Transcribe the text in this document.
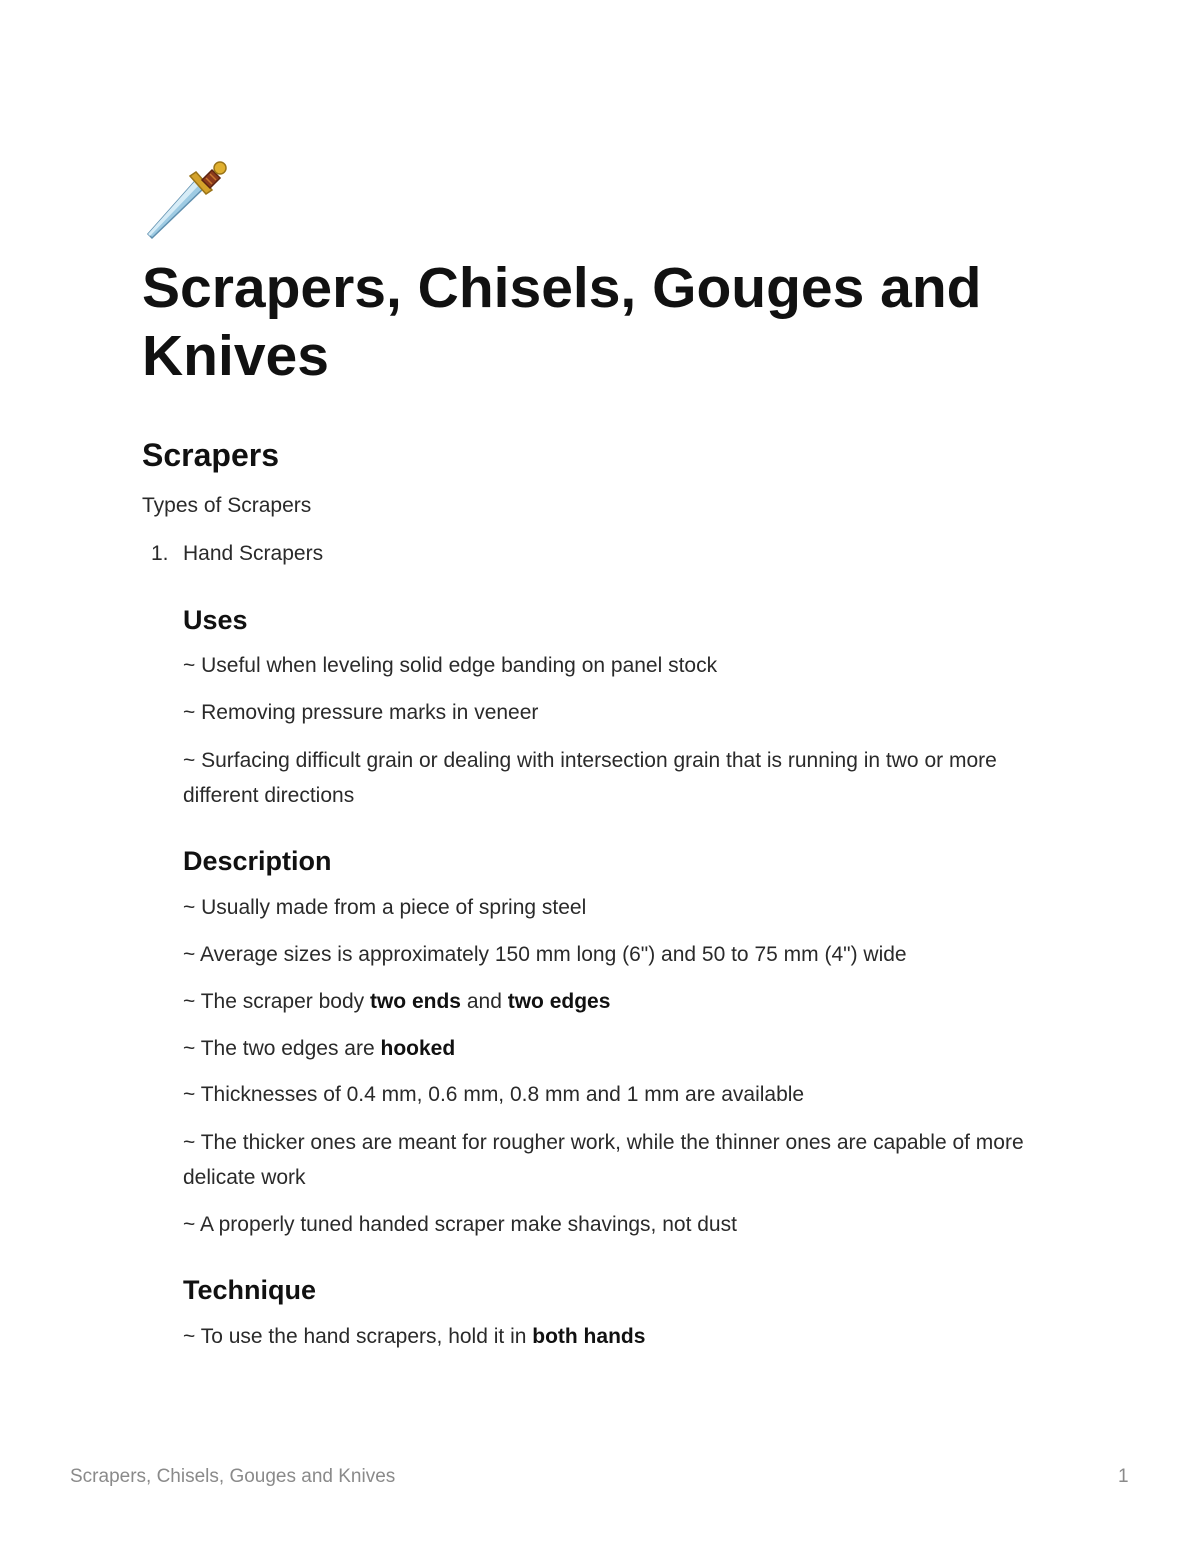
Scrapers, Chisels, Gouges and Knives
Scrapers

Types of Scrapers

1. Hand Scrapers
Uses

~ Useful when leveling solid edge banding on panel stock

~ Removing pressure marks in veneer

~ Surfacing difficult grain or dealing with intersection grain that is running in two or more different directions

Description

~ Usually made from a piece of spring steel

~ Average sizes is approximately 150 mm long (6") and 50 to 75 mm (4") wide

~ The scraper body two ends and two edges

~ The two edges are hooked

~ Thicknesses of 0.4 mm, 0.6 mm, 0.8 mm and 1 mm are available

~ The thicker ones are meant for rougher work, while the thinner ones are capable of more delicate work

~ A properly tuned handed scraper make shavings, not dust

Technique

~ To use the hand scrapers, hold it in both hands

Scrapers, Chisels, Gouges and Knives	1
